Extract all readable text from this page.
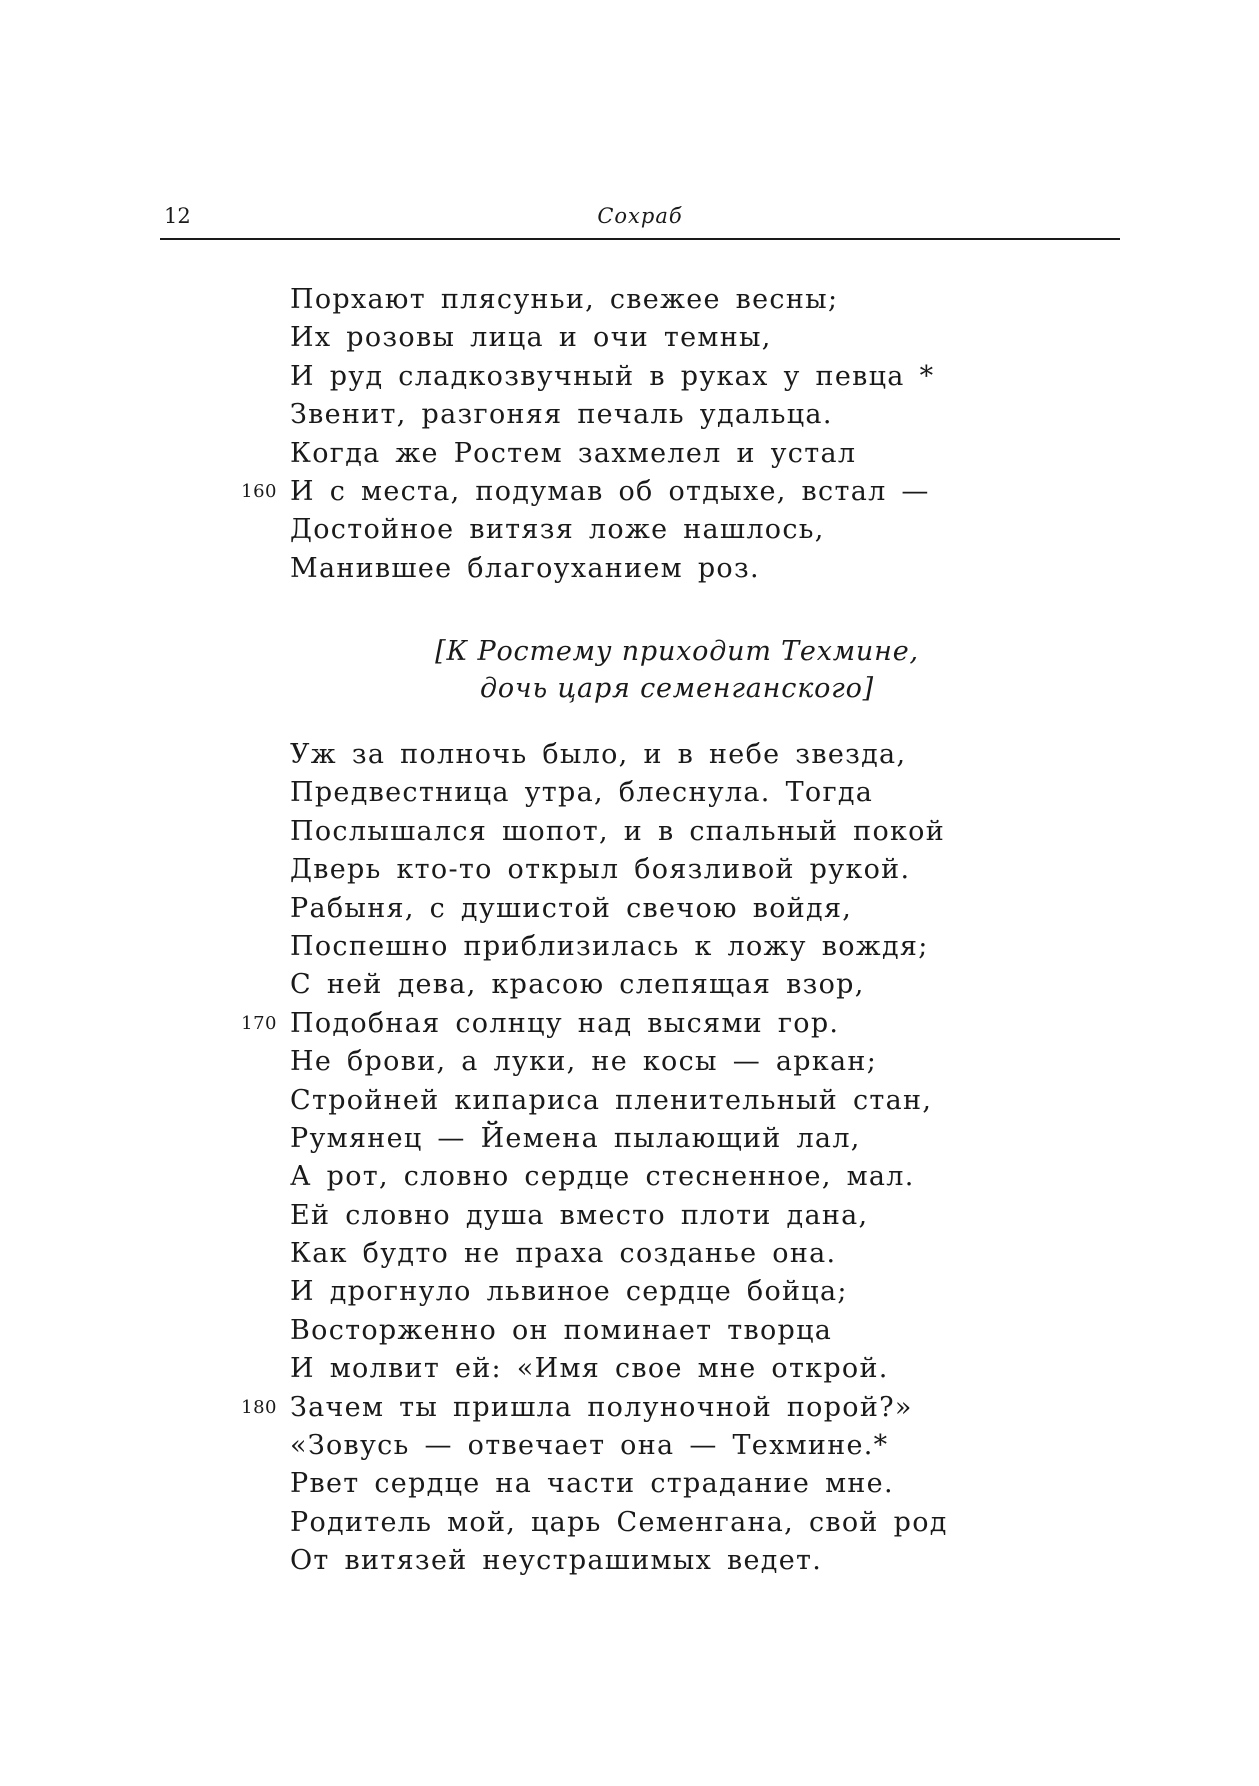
12	Сохраб
Порхают плясуньи, свежее весны;
Их розовы лица и очи темны,
И руд сладкозвучный в руках у певца *
Звенит, разгоняя печаль удальца.
Когда же Ростем захмелел и устал
160 И с места, подумав об отдыхе, встал —
Достойное витязя ложе нашлось,
Манившее благоуханием роз.
[К Ростему приходит Техмине,
дочь царя семенганского]
Уж за полночь было, и в небе звезда,
Предвестница утра, блеснула. Тогда
Послышался шопот, и в спальный покой
Дверь кто-то открыл боязливой рукой.
Рабыня, с душистой свечою войдя,
Поспешно приблизилась к ложу вождя;
С ней дева, красою слепящая взор,
170 Подобная солнцу над высями гор.
Не брови, а луки, не косы — аркан;
Стройней кипариса пленительный стан,
Румянец — Йемена пылающий лал,
А рот, словно сердце стесненное, мал.
Ей словно душа вместо плоти дана,
Как будто не праха созданье она.
И дрогнуло львиное сердце бойца;
Восторженно он поминает творца
И молвит ей: «Имя свое мне открой.
180 Зачем ты пришла полуночной порой?»
«Зовусь — отвечает она — Техмине.*
Рвет сердце на части страдание мне.
Родитель мой, царь Семенгана, свой род
От витязей неустрашимых ведет.
